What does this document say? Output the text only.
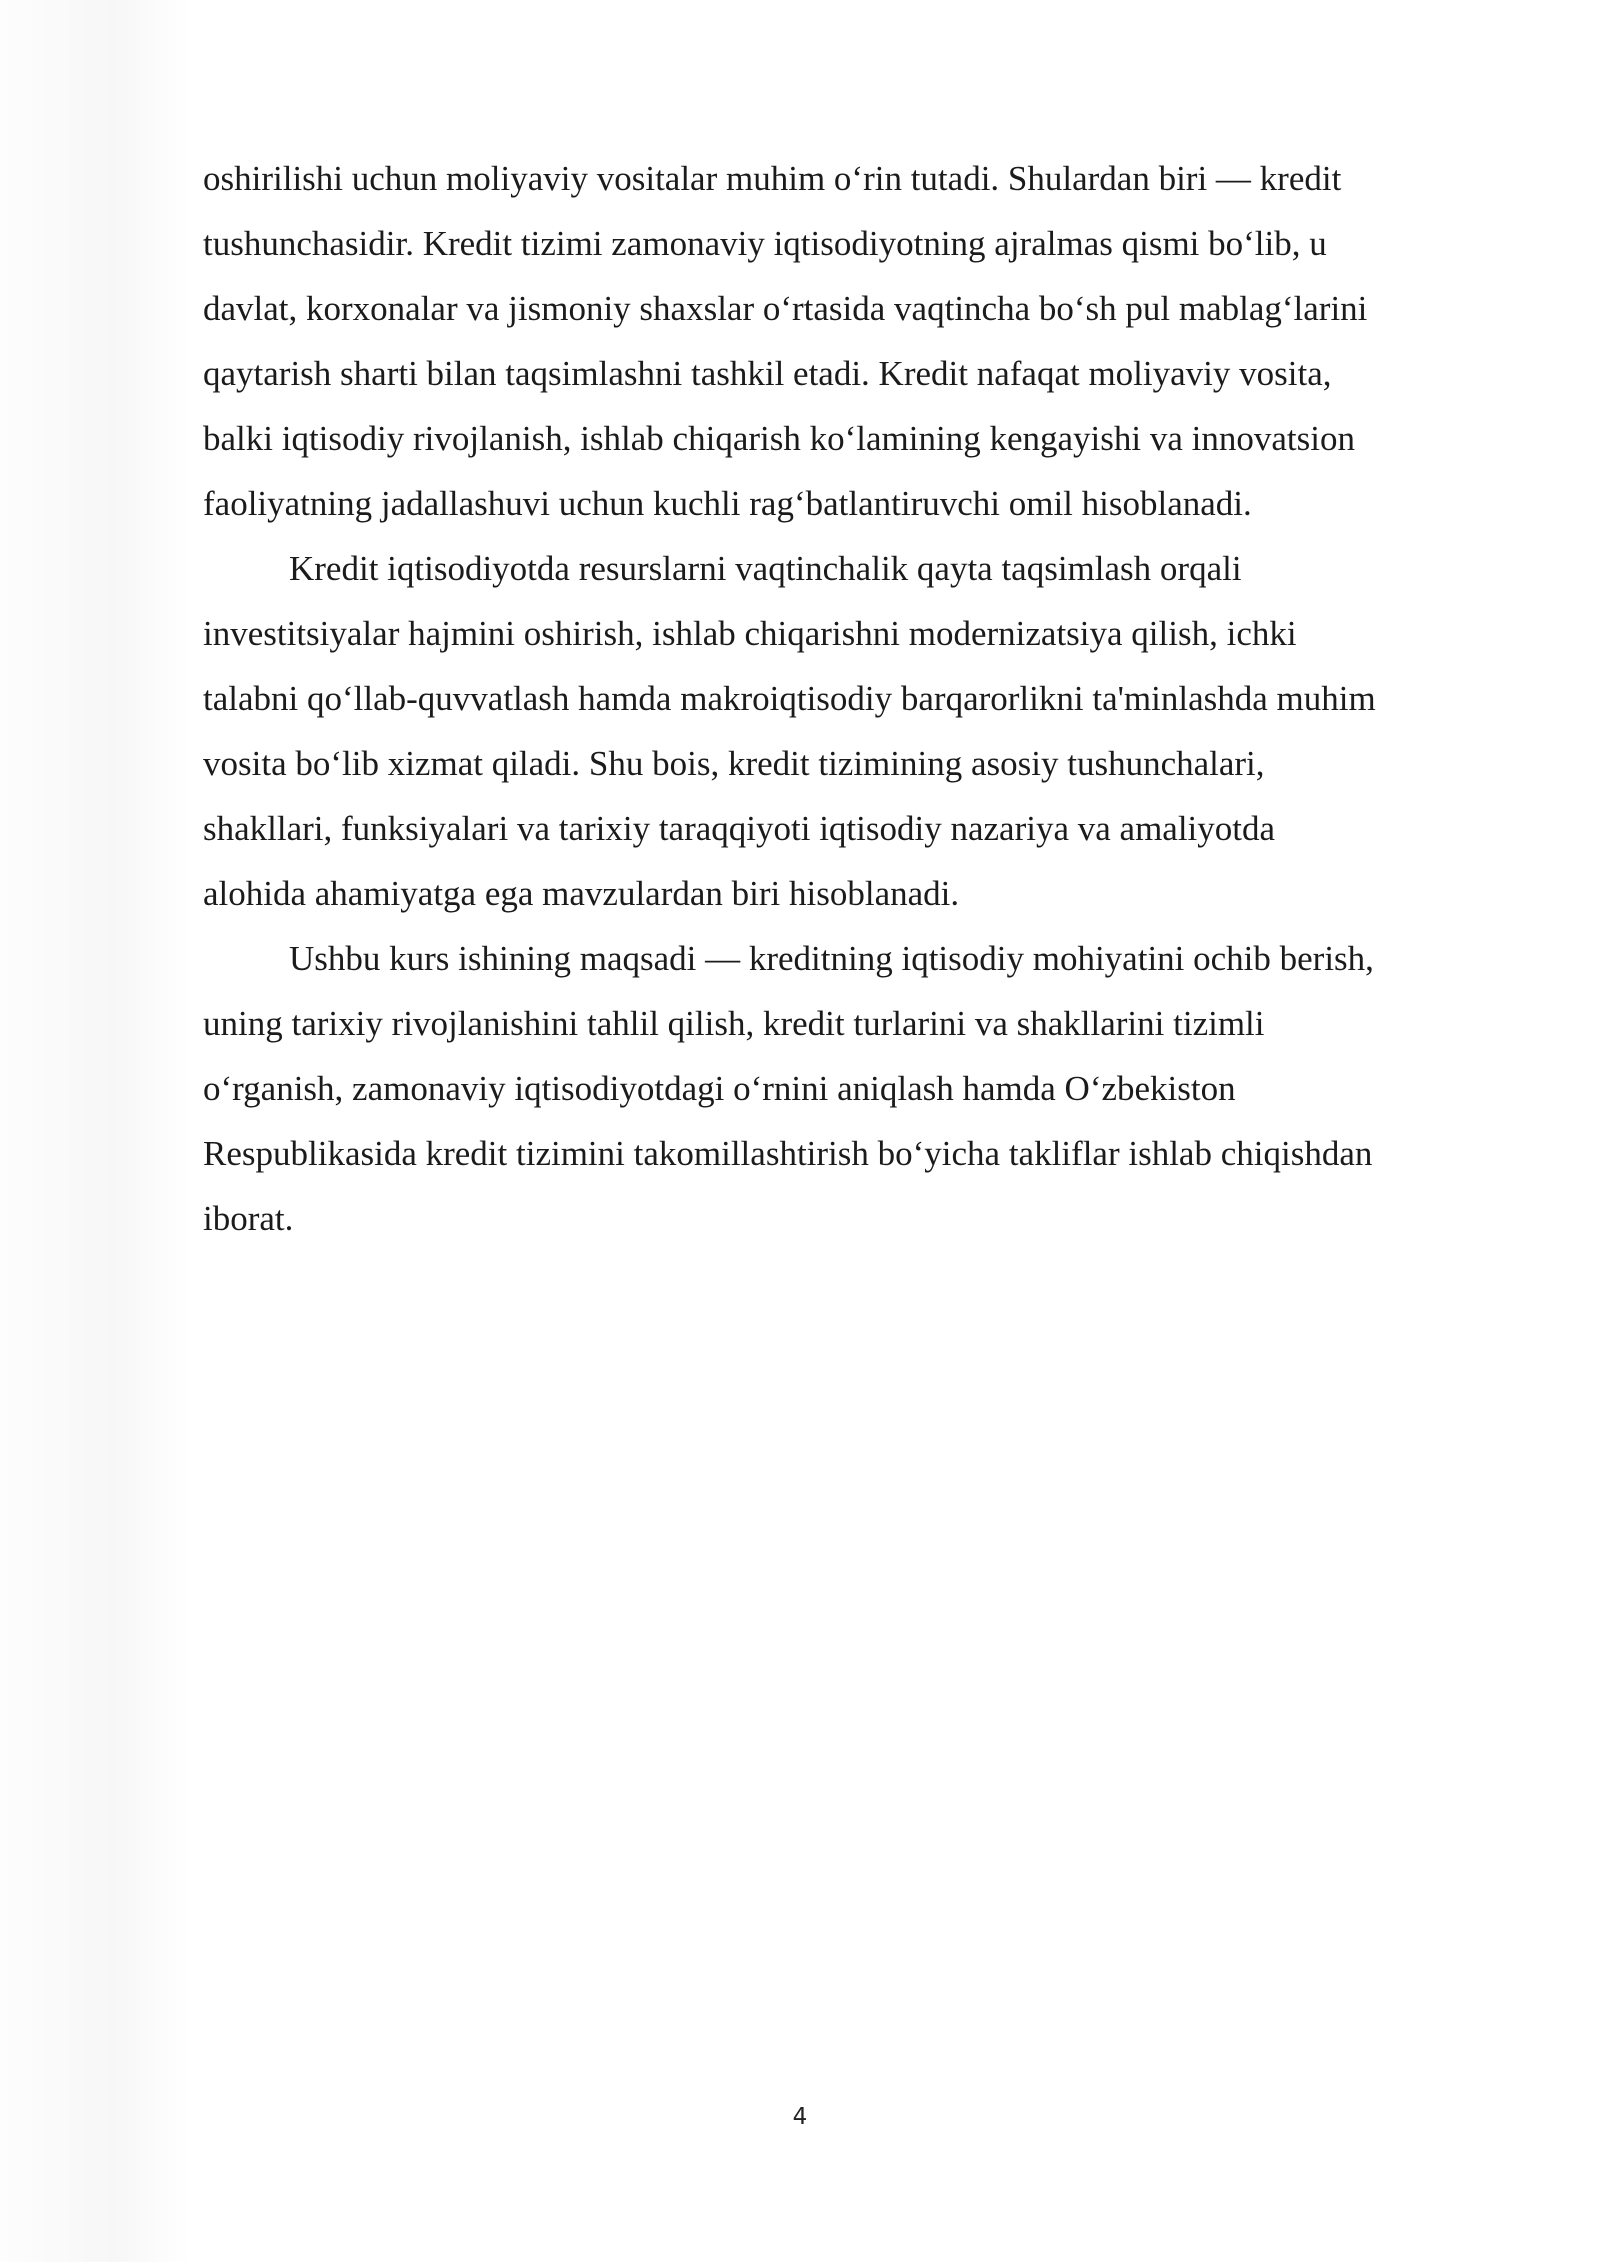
oshirilishi uchun moliyaviy vositalar muhim o‘rin tutadi. Shulardan biri — kredit

tushunchasidir. Kredit tizimi zamonaviy iqtisodiyotning ajralmas qismi bo‘lib, u

davlat, korxonalar va jismoniy shaxslar o‘rtasida vaqtincha bo‘sh pul mablag‘larini

qaytarish sharti bilan taqsimlashni tashkil etadi. Kredit nafaqat moliyaviy vosita,

balki iqtisodiy rivojlanish, ishlab chiqarish ko‘lamining kengayishi va innovatsion

faoliyatning jadallashuvi uchun kuchli rag‘batlantiruvchi omil hisoblanadi.

Kredit iqtisodiyotda resurslarni vaqtinchalik qayta taqsimlash orqali

investitsiyalar hajmini oshirish, ishlab chiqarishni modernizatsiya qilish, ichki

talabni qo‘llab-quvvatlash hamda makroiqtisodiy barqarorlikni ta'minlashda muhim

vosita bo‘lib xizmat qiladi. Shu bois, kredit tizimining asosiy tushunchalari,

shakllari, funksiyalari va tarixiy taraqqiyoti iqtisodiy nazariya va amaliyotda

alohida ahamiyatga ega mavzulardan biri hisoblanadi.

Ushbu kurs ishining maqsadi — kreditning iqtisodiy mohiyatini ochib berish,

uning tarixiy rivojlanishini tahlil qilish, kredit turlarini va shakllarini tizimli

o‘rganish, zamonaviy iqtisodiyotdagi o‘rnini aniqlash hamda O‘zbekiston

Respublikasida kredit tizimini takomillashtirish bo‘yicha takliflar ishlab chiqishdan

iborat.

4
